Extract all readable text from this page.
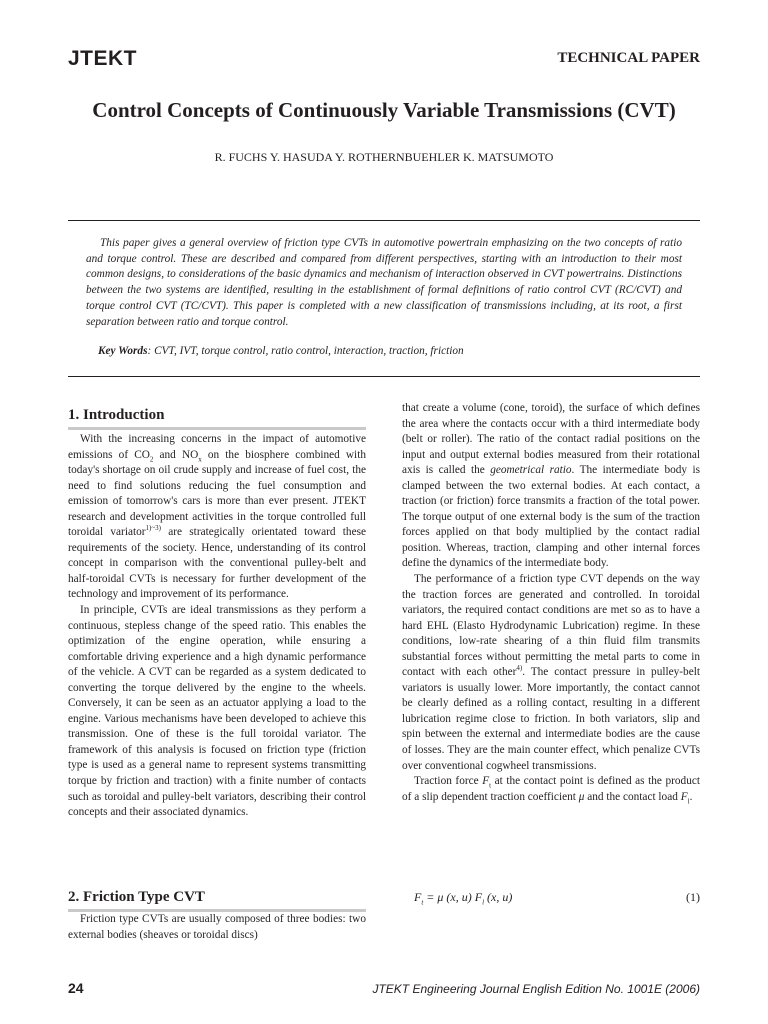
JTEKT	TECHNICAL PAPER
Control Concepts of Continuously Variable Transmissions (CVT)
R. FUCHS Y. HASUDA Y. ROTHERNBUEHLER K. MATSUMOTO

This paper gives a general overview of friction type CVTs in automotive powertrain emphasizing on the two concepts of ratio and torque control. These are described and compared from different perspectives, starting with an introduction to their most common designs, to considerations of the basic dynamics and mechanism of interaction observed in CVT powertrains. Distinctions between the two systems are identified, resulting in the establishment of formal definitions of ratio control CVT (RC/CVT) and torque control CVT (TC/CVT). This paper is completed with a new classification of transmissions including, at its root, a first separation between ratio and torque control.

Key Words: CVT, IVT, torque control, ratio control, interaction, traction, friction
1. Introduction

With the increasing concerns in the impact of automotive emissions of $CO_2$ and $NO_x$ on the biosphere combined with today's shortage on oil crude supply and increase of fuel cost, the need to find solutions reducing the fuel consumption and emission of tomorrow's cars is more than ever present. JTEKT research and development activities in the torque controlled full toroidal variator$^{1)\sim 3)}$ are strategically orientated toward these requirements of the society. Hence, understanding of its control concept in comparison with the conventional pulley-belt and half-toroidal CVTs is necessary for further development of the technology and improvement of its performance.

In principle, CVTs are ideal transmissions as they perform a continuous, stepless change of the speed ratio. This enables the optimization of the engine operation, while ensuring a comfortable driving experience and a high dynamic performance of the vehicle. A CVT can be regarded as a system dedicated to converting the torque delivered by the engine to the wheels. Conversely, it can be seen as an actuator applying a load to the engine. Various mechanisms have been developed to achieve this transmission. One of these is the full toroidal variator. The framework of this analysis is focused on friction type (friction type is used as a general name to represent systems transmitting torque by friction and traction) with a finite number of contacts such as toroidal and pulley-belt variators, describing their control concepts and their associated dynamics.

2. Friction Type CVT

Friction type CVTs are usually composed of three bodies: two external bodies (sheaves or toroidal discs)

that create a volume (cone, toroid), the surface of which defines the area where the contacts occur with a third intermediate body (belt or roller). The ratio of the contact radial positions on the input and output external bodies measured from their rotational axis is called the geometrical ratio. The intermediate body is clamped between the two external bodies. At each contact, a traction (or friction) force transmits a fraction of the total power. The torque output of one external body is the sum of the traction forces applied on that body multiplied by the contact radial position. Whereas, traction, clamping and other internal forces define the dynamics of the intermediate body.

The performance of a friction type CVT depends on the way the traction forces are generated and controlled. In toroidal variators, the required contact conditions are met so as to have a hard EHL (Elasto Hydrodynamic Lubrication) regime. In these conditions, low-rate shearing of a thin fluid film transmits substantial forces without permitting the metal parts to come in contact with each other$^{4)}$. The contact pressure in pulley-belt variators is usually lower. More importantly, the contact cannot be clearly defined as a rolling contact, resulting in a different lubrication regime close to friction. In both variators, slip and spin between the external and intermediate bodies are the cause of losses. They are the main counter effect, which penalize CVTs over conventional cogwheel transmissions.

Traction force $F_t$ at the contact point is defined as the product of a slip dependent traction coefficient μ and the contact load $F_l$.

$F_t = \mu$ (x, u) $F_l$ (x, u)	(1)
24	JTEKT Engineering Journal English Edition No. 1001E (2006)
